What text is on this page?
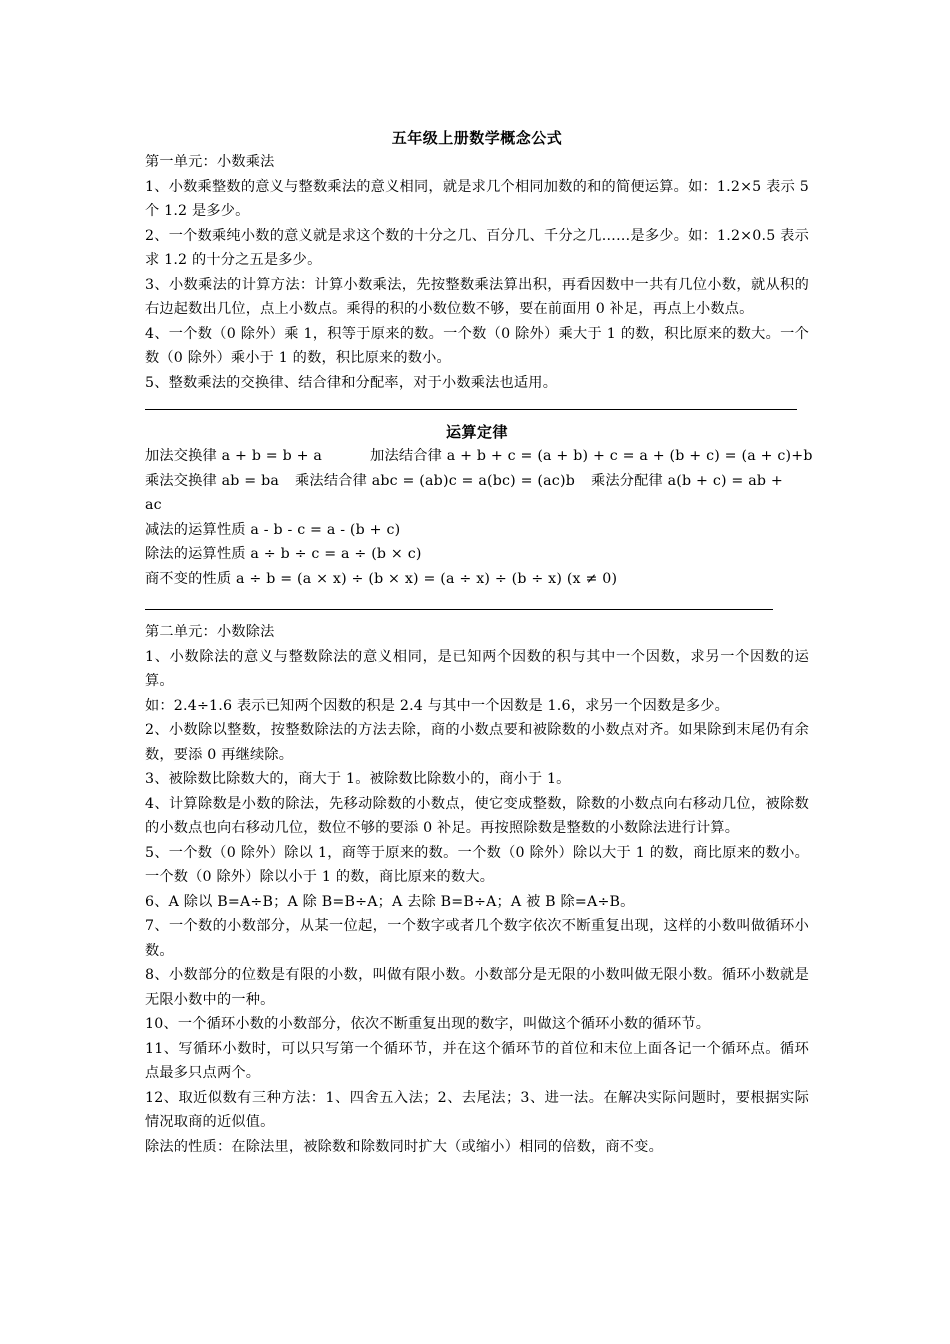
五年级上册数学概念公式
第一单元：小数乘法
1、小数乘整数的意义与整数乘法的意义相同，就是求几个相同加数的和的简便运算。如：1.2×5 表示 5 个 1.2 是多少。
2、一个数乘纯小数的意义就是求这个数的十分之几、百分几、千分之几……是多少。如：1.2×0.5 表示求 1.2 的十分之五是多少。
3、小数乘法的计算方法：计算小数乘法，先按整数乘法算出积，再看因数中一共有几位小数，就从积的右边起数出几位，点上小数点。乘得的积的小数位数不够，要在前面用 0 补足，再点上小数点。
4、一个数（0 除外）乘 1，积等于原来的数。一个数（0 除外）乘大于 1 的数，积比原来的数大。一个数（0 除外）乘小于 1 的数，积比原来的数小。
5、整数乘法的交换律、结合律和分配率，对于小数乘法也适用。
运算定律
加法交换律 a + b = b + a	加法结合律 a + b + c = (a + b) + c = a + (b + c) = (a + c)+b
乘法交换律 ab = ba 乘法结合律 abc = (ab)c = a(bc) = (ac)b 乘法分配律 a(b + c) = ab +
ac
减法的运算性质 a - b - c = a - (b + c)
除法的运算性质 a ÷ b ÷ c = a ÷ (b × c)
商不变的性质 a ÷ b = (a × x) ÷ (b × x) = (a ÷ x) ÷ (b ÷ x) (x ≠ 0)
第二单元：小数除法
1、小数除法的意义与整数除法的意义相同，是已知两个因数的积与其中一个因数，求另一个因数的运算。
如：2.4÷1.6 表示已知两个因数的积是 2.4 与其中一个因数是 1.6，求另一个因数是多少。
2、小数除以整数，按整数除法的方法去除，商的小数点要和被除数的小数点对齐。如果除到末尾仍有余数，要添 0 再继续除。
3、被除数比除数大的，商大于 1。被除数比除数小的，商小于 1。
4、计算除数是小数的除法，先移动除数的小数点，使它变成整数，除数的小数点向右移动几位，被除数的小数点也向右移动几位，数位不够的要添 0 补足。再按照除数是整数的小数除法进行计算。
5、一个数（0 除外）除以 1，商等于原来的数。一个数（0 除外）除以大于 1 的数，商比原来的数小。一个数（0 除外）除以小于 1 的数，商比原来的数大。
6、A 除以 B=A÷B；A 除 B=B÷A；A 去除 B=B÷A；A 被 B 除=A÷B。
7、一个数的小数部分，从某一位起，一个数字或者几个数字依次不断重复出现，这样的小数叫做循环小数。
8、小数部分的位数是有限的小数，叫做有限小数。小数部分是无限的小数叫做无限小数。循环小数就是无限小数中的一种。
10、一个循环小数的小数部分，依次不断重复出现的数字，叫做这个循环小数的循环节。
11、写循环小数时，可以只写第一个循环节，并在这个循环节的首位和末位上面各记一个循环点。循环点最多只点两个。
12、取近似数有三种方法：1、四舍五入法；2、去尾法；3、进一法。在解决实际问题时，要根据实际情况取商的近似值。
除法的性质：在除法里，被除数和除数同时扩大（或缩小）相同的倍数，商不变。
